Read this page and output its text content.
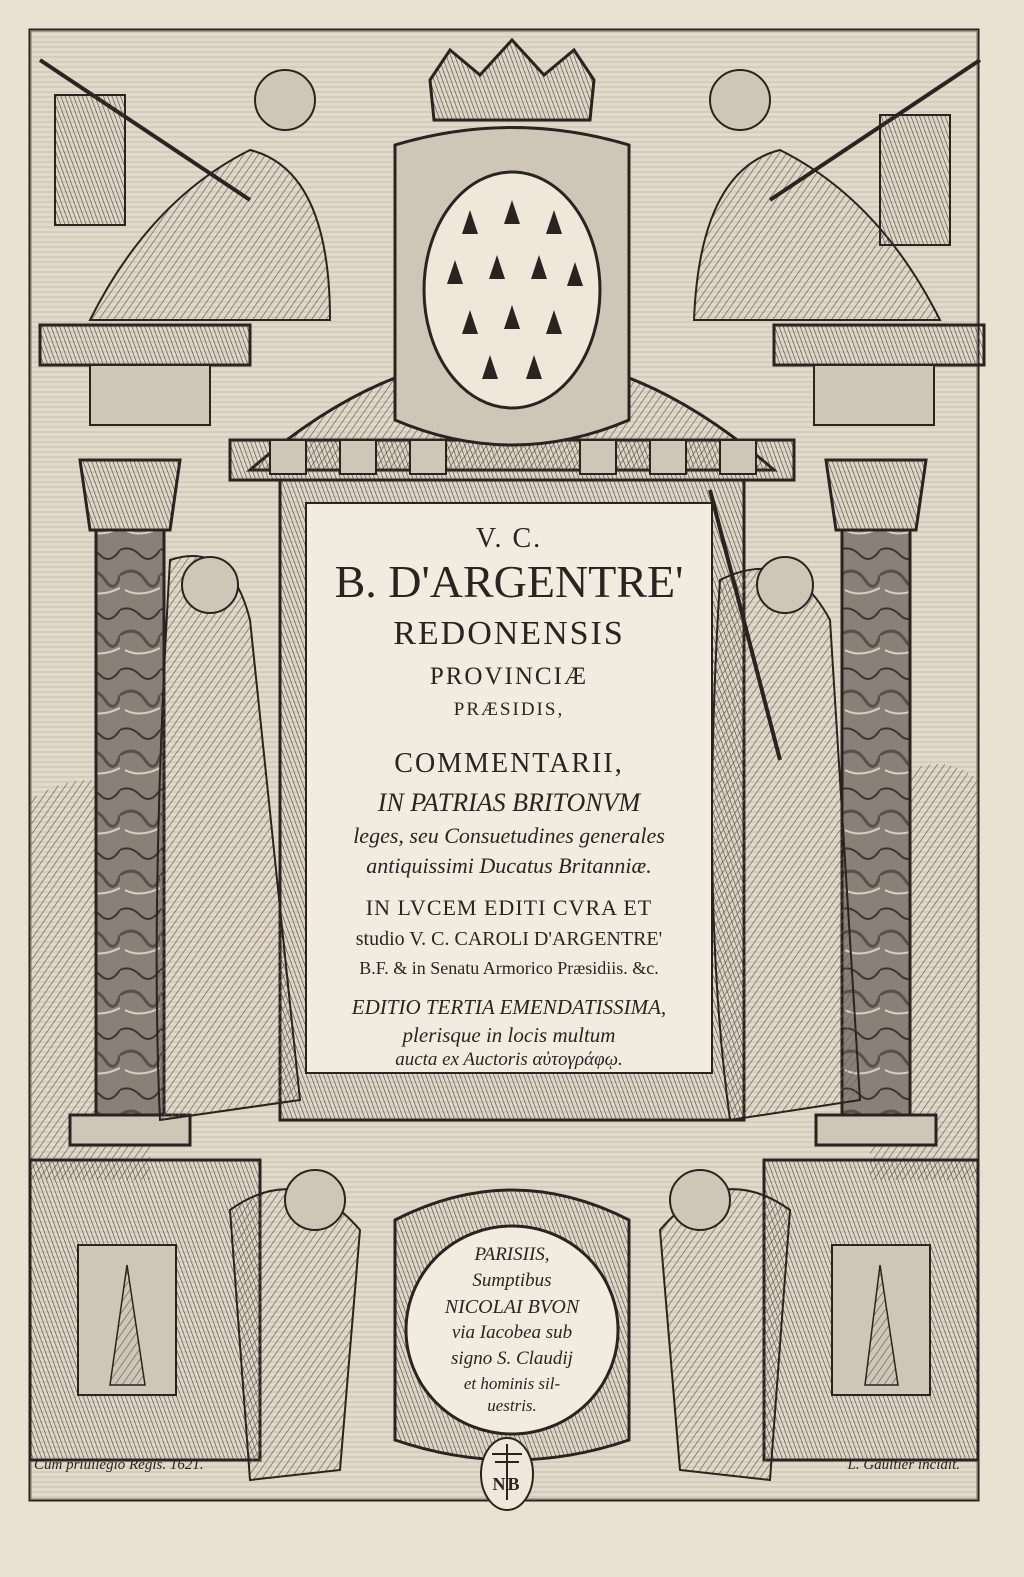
NB
V. C.
B. D'ARGENTRE'
REDONENSIS
PROVINCIÆ
PRÆSIDIS,
COMMENTARII,
IN PATRIAS BRITONVM
leges, seu Consuetudines generales
antiquissimi Ducatus Britanniæ.
IN LVCEM EDITI CVRA ET
studio V. C. CAROLI D'ARGENTRE'
B.F. & in Senatu Armorico Præsidiis. &c.
EDITIO TERTIA EMENDATISSIMA,
plerisque in locis multum
aucta ex Auctoris αὐτογράφῳ.
PARISIIS,
Sumptibus
NICOLAI BVON
via Iacobea sub
signo S. Claudij
et hominis sil-
uestris.
Cum priuilegio Regis. 1621.	L. Gaultier incidit.
